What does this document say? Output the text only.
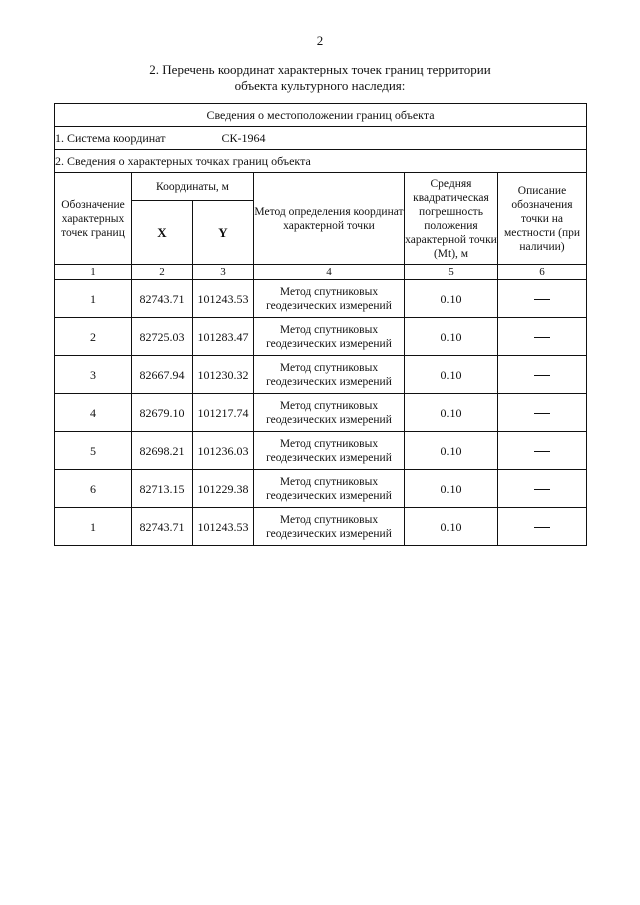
2
2. Перечень координат характерных точек границ территории
объекта культурного наследия:
Сведения о местоположении границ объекта					
1. Система координат СК-1964					
2. Сведения о характерных точках границ объекта					
Обозначение характерных точек границ	Координаты, м		Метод определения координат характерной точки	Средняя квадратическая погрешность положения характерной точки (Mt), м	Описание обозначения точки на местности (при наличии)
	X	Y			
1	2	3	4	5	6
1	82743.71	101243.53	Метод спутниковых геодезических измерений	0.10	
2	82725.03	101283.47	Метод спутниковых геодезических измерений	0.10	
3	82667.94	101230.32	Метод спутниковых геодезических измерений	0.10	
4	82679.10	101217.74	Метод спутниковых геодезических измерений	0.10	
5	82698.21	101236.03	Метод спутниковых геодезических измерений	0.10	
6	82713.15	101229.38	Метод спутниковых геодезических измерений	0.10	
1	82743.71	101243.53	Метод спутниковых геодезических измерений	0.10	
